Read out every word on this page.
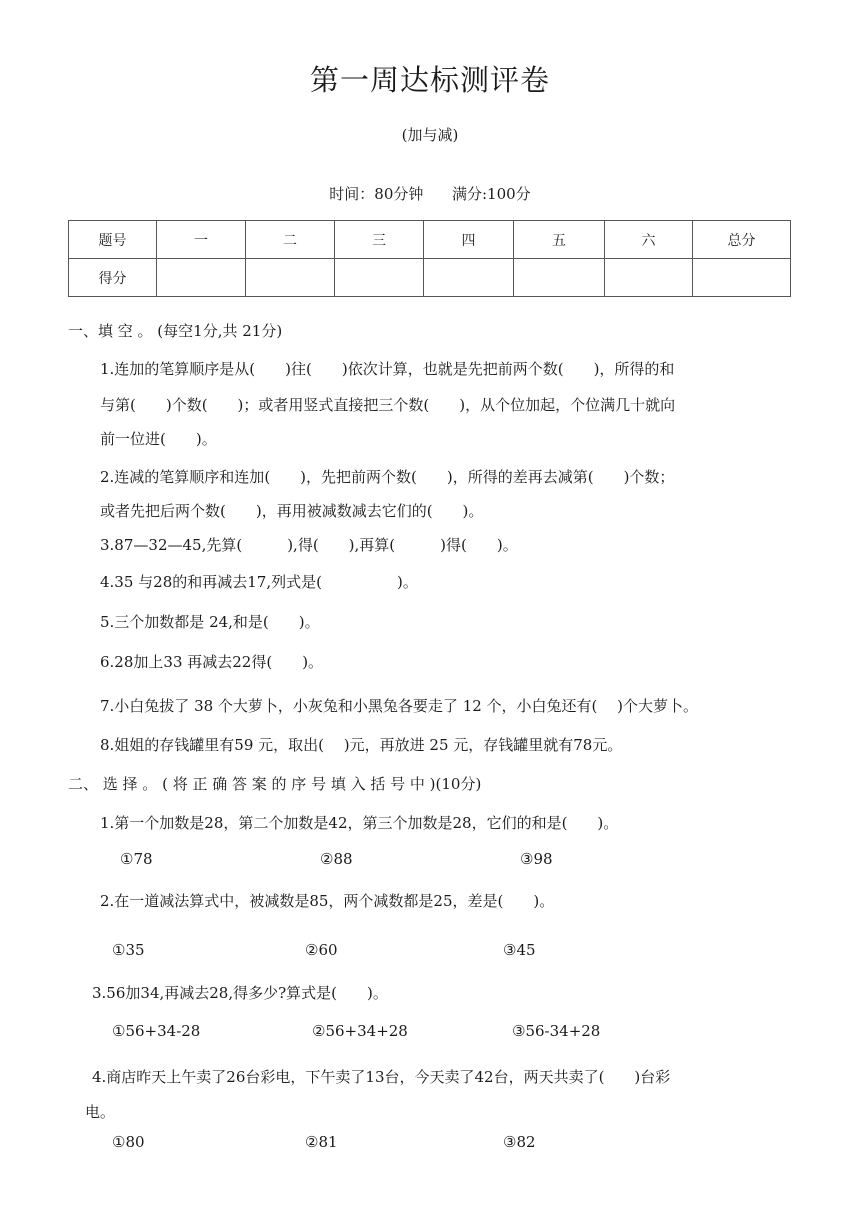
第一周达标测评卷
(加与减)
时间：80分钟      满分:100分
题号	一	二	三	四	五	六	总分
得分							
一、填 空 。 (每空1分,共 21分)
1.连加的笔算顺序是从(　　)往(　　)依次计算，也就是先把前两个数(　　)，所得的和
与第(　　)个数(　　)；或者用竖式直接把三个数(　　)，从个位加起，个位满几十就向
前一位进(　　)。
2.连减的笔算顺序和连加(　　)，先把前两个数(　　)，所得的差再去减第(　　)个数；
或者先把后两个数(　　)，再用被减数减去它们的(　　)。
3.87—32—45,先算(　　　),得(　　),再算(　　　)得(　　)。
4.35 与28的和再减去17,列式是(　　　　　)。
5.三个加数都是 24,和是(　　)。
6.28加上33 再减去22得(　　)。
7.小白兔拔了 38 个大萝卜，小灰兔和小黑兔各要走了 12 个，小白兔还有(　 )个大萝卜。
8.姐姐的存钱罐里有59 元，取出(　 )元，再放进 25 元，存钱罐里就有78元。
二、 选 择 。 ( 将 正 确 答 案 的 序 号 填 入 括 号 中 )(10分)
1.第一个加数是28，第二个加数是42，第三个加数是28，它们的和是(　　)。
①78	②88	③98
2.在一道减法算式中，被减数是85，两个减数都是25，差是(　　)。
①35	②60	③45
3.56加34,再减去28,得多少?算式是(　　)。
①56+34-28	②56+34+28	③56-34+28
4.商店昨天上午卖了26台彩电，下午卖了13台，今天卖了42台，两天共卖了(　　)台彩
电。
①80	②81	③82
